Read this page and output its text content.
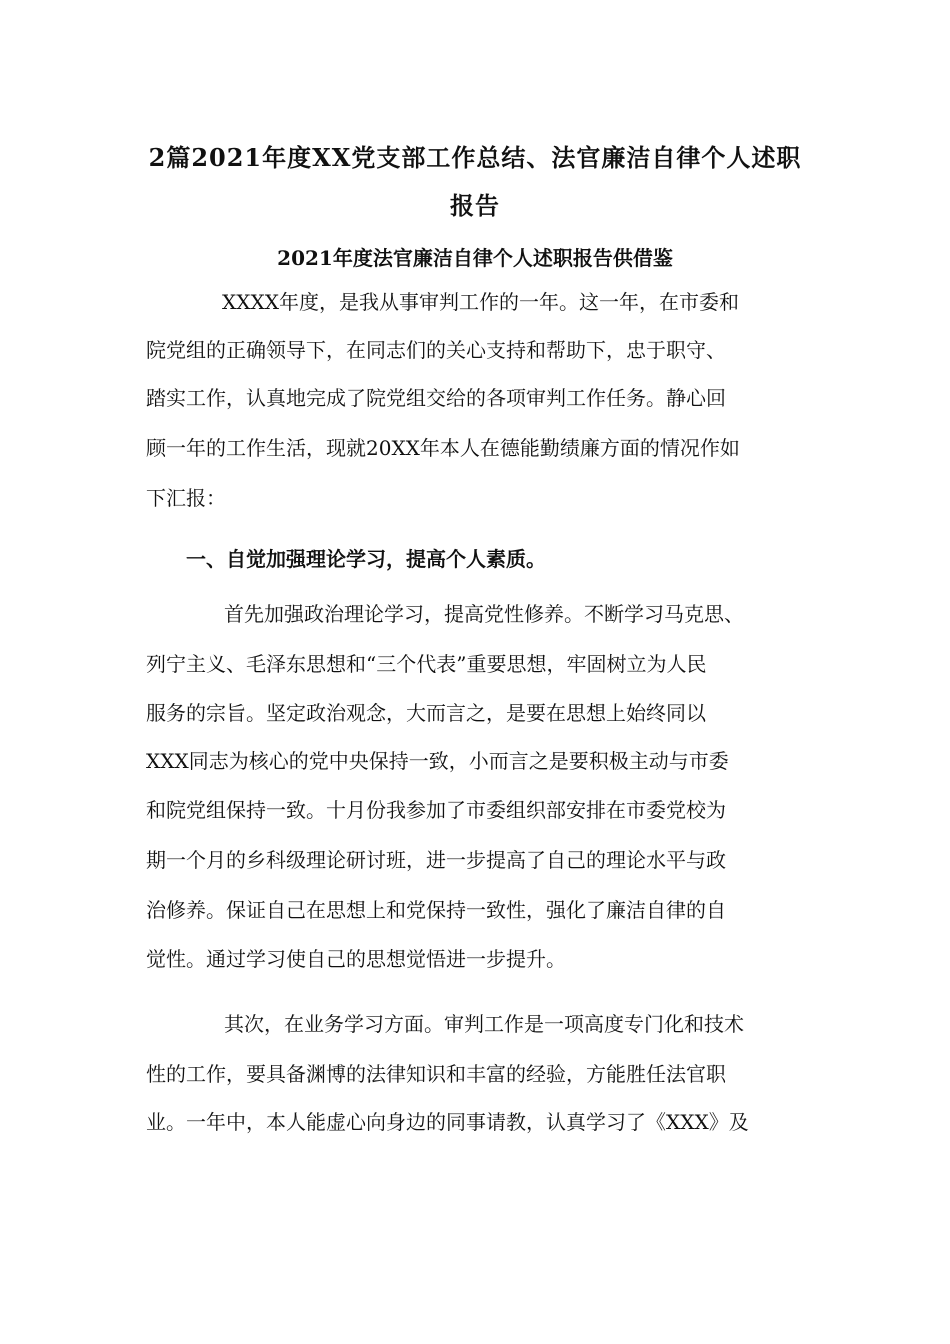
2篇2021年度XX党支部工作总结、法官廉洁自律个人述职
报告
2021年度法官廉洁自律个人述职报告供借鉴
XXXX年度，是我从事审判工作的一年。这一年，在市委和
院党组的正确领导下，在同志们的关心支持和帮助下，忠于职守、
踏实工作，认真地完成了院党组交给的各项审判工作任务。静心回
顾一年的工作生活，现就20XX年本人在德能勤绩廉方面的情况作如
下汇报：
一、自觉加强理论学习，提高个人素质。
首先加强政治理论学习，提高党性修养。不断学习马克思、
列宁主义、毛泽东思想和“三个代表”重要思想，牢固树立为人民
服务的宗旨。坚定政治观念，大而言之，是要在思想上始终同以
XXX同志为核心的党中央保持一致，小而言之是要积极主动与市委
和院党组保持一致。十月份我参加了市委组织部安排在市委党校为
期一个月的乡科级理论研讨班，进一步提高了自己的理论水平与政
治修养。保证自己在思想上和党保持一致性，强化了廉洁自律的自
觉性。通过学习使自己的思想觉悟进一步提升。
其次，在业务学习方面。审判工作是一项高度专门化和技术
性的工作，要具备渊博的法律知识和丰富的经验，方能胜任法官职
业。一年中，本人能虚心向身边的同事请教，认真学习了《XXX》及
